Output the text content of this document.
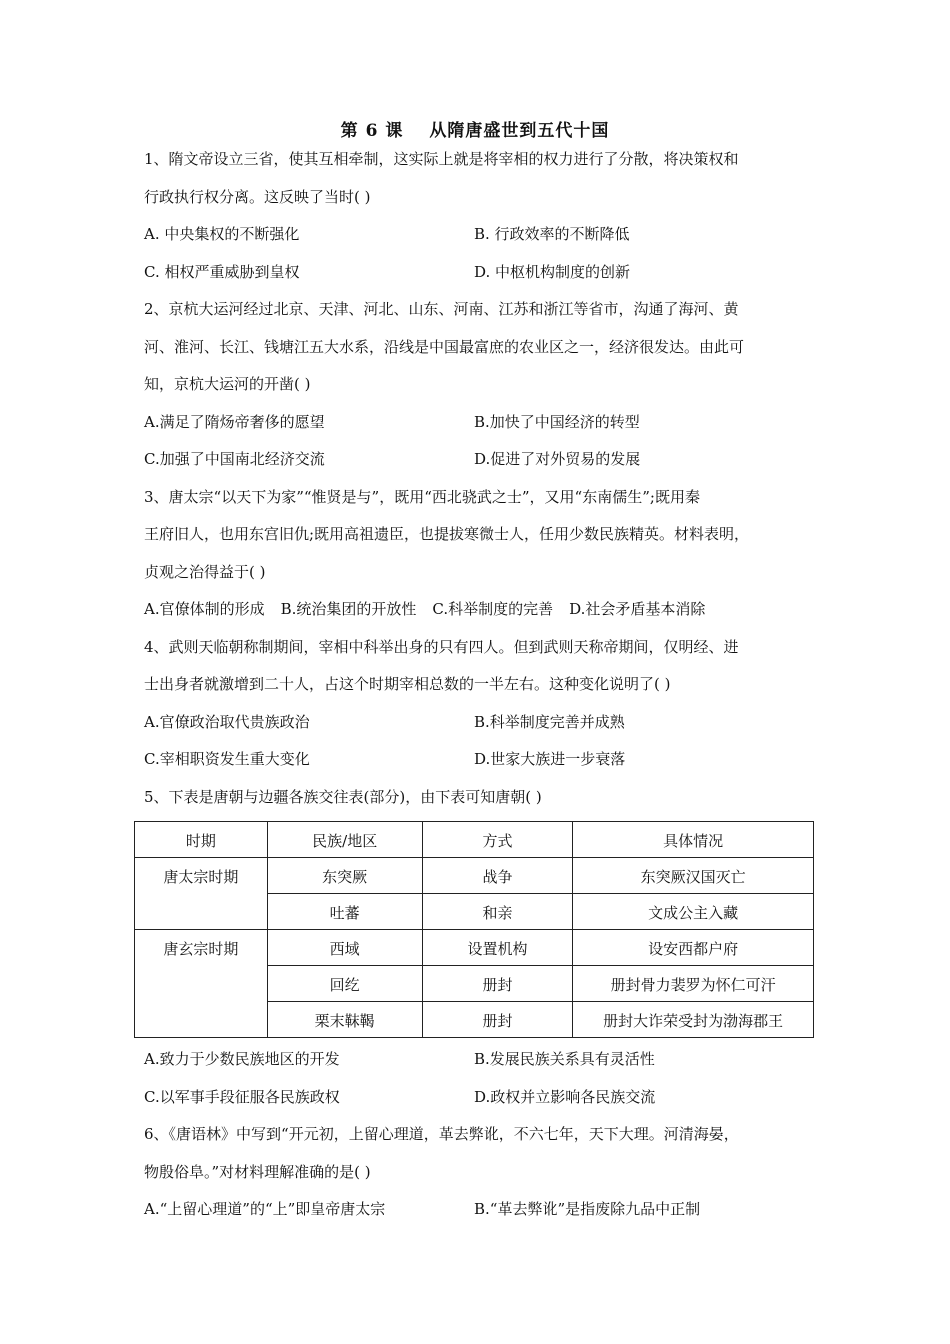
第 6 课 从隋唐盛世到五代十国
1、隋文帝设立三省，使其互相牵制，这实际上就是将宰相的权力进行了分散，将决策权和
行政执行权分离。这反映了当时( )
A. 中央集权的不断强化	B. 行政效率的不断降低
C. 相权严重威胁到皇权	D. 中枢机构制度的创新
2、京杭大运河经过北京、天津、河北、山东、河南、江苏和浙江等省市，沟通了海河、黄
河、淮河、长江、钱塘江五大水系，沿线是中国最富庶的农业区之一，经济很发达。由此可
知，京杭大运河的开凿( )
A.满足了隋炀帝奢侈的愿望	B.加快了中国经济的转型
C.加强了中国南北经济交流	D.促进了对外贸易的发展
3、唐太宗“以天下为家”“惟贤是与”，既用“西北骁武之士”，又用“东南儒生”;既用秦
王府旧人，也用东宫旧仇;既用高祖遗臣，也提拔寒微士人，任用少数民族精英。材料表明，
贞观之治得益于( )
A.官僚体制的形成 B.统治集团的开放性 C.科举制度的完善 D.社会矛盾基本消除
4、武则天临朝称制期间，宰相中科举出身的只有四人。但到武则天称帝期间，仅明经、进
士出身者就激增到二十人，占这个时期宰相总数的一半左右。这种变化说明了( )
A.官僚政治取代贵族政治	B.科举制度完善并成熟
C.宰相职资发生重大变化	D.世家大族进一步衰落
5、下表是唐朝与边疆各族交往表(部分)，由下表可知唐朝( )
时期	民族/地区	方式	具体情况
唐太宗时期	东突厥	战争	东突厥汉国灭亡
	吐蕃	和亲	文成公主入藏
唐玄宗时期	西域	设置机构	设安西都户府
	回纥	册封	册封骨力裴罗为怀仁可汗
	栗末靺鞨	册封	册封大诈荣受封为渤海郡王
A.致力于少数民族地区的开发	B.发展民族关系具有灵活性
C.以军事手段征服各民族政权	D.政权并立影响各民族交流
6、《唐语林》中写到“开元初，上留心理道，革去弊讹，不六七年，天下大理。河清海晏，
物殷俗阜。”对材料理解准确的是( )
A.“上留心理道”的“上”即皇帝唐太宗	B.“革去弊讹”是指废除九品中正制
